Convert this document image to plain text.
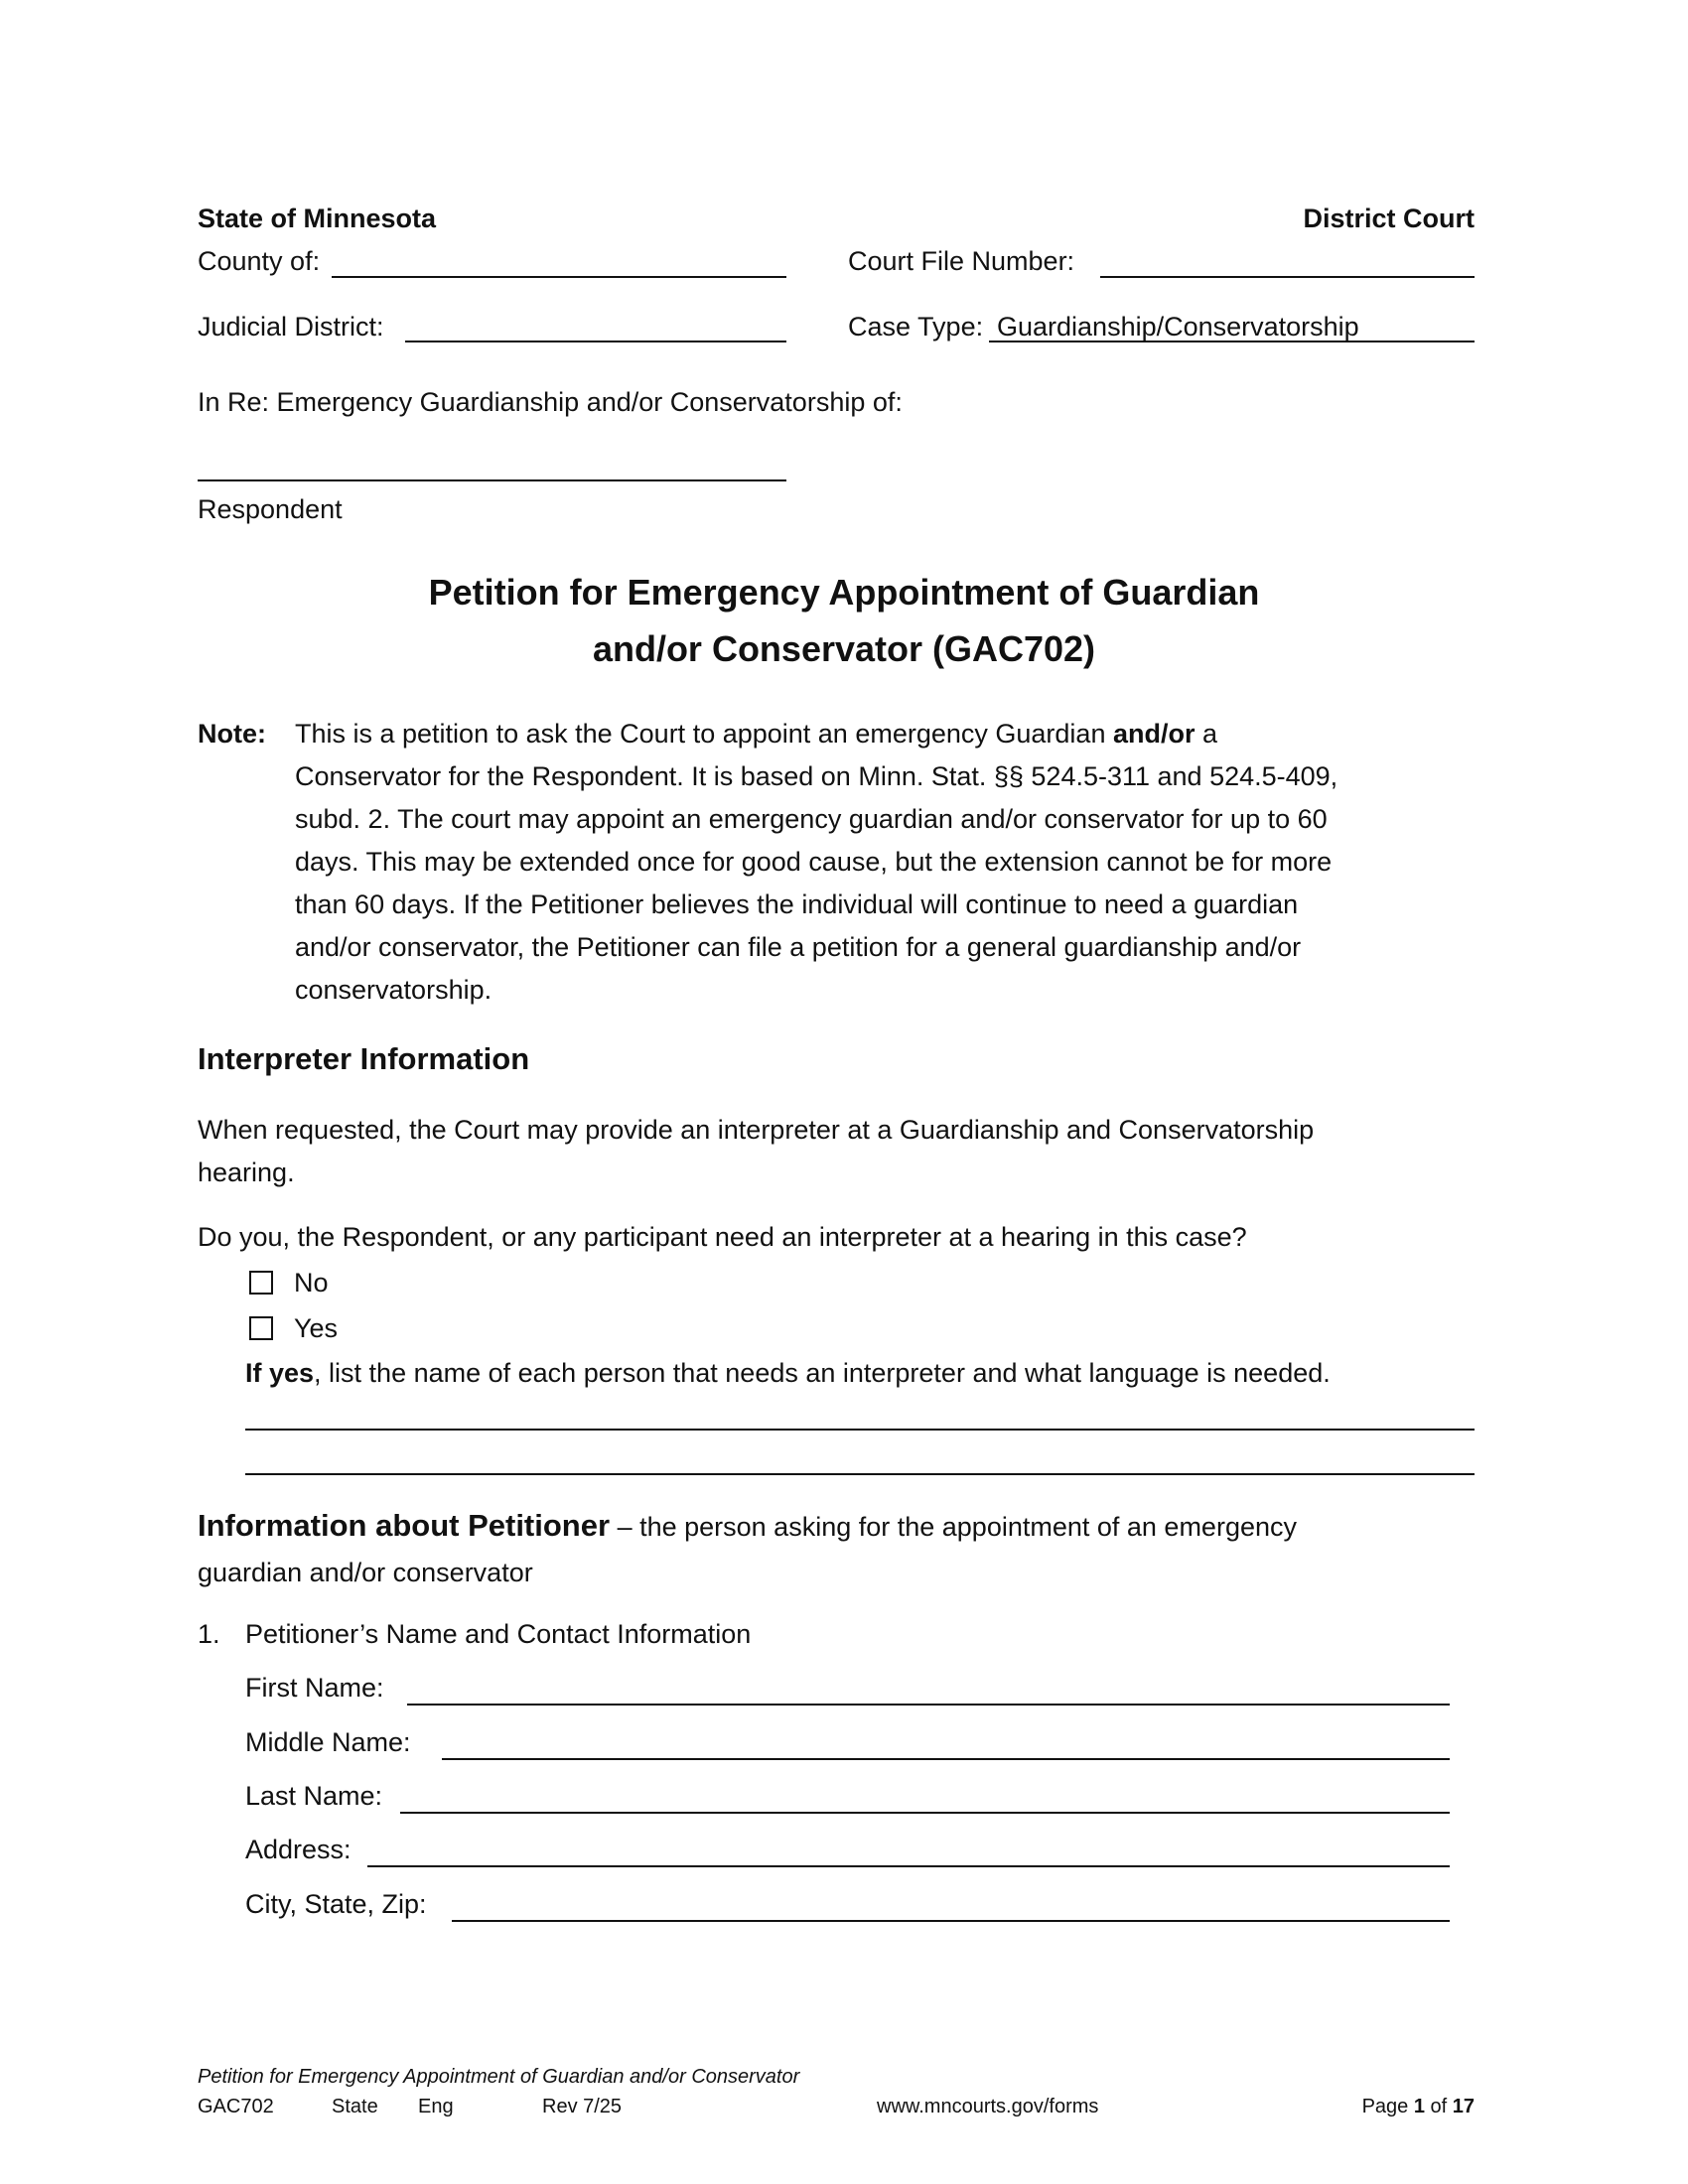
State of Minnesota	District Court
County of:	Court File Number:
Judicial District:	Case Type: Guardianship/Conservatorship
In Re: Emergency Guardianship and/or Conservatorship of:
Respondent
Petition for Emergency Appointment of Guardian
and/or Conservator (GAC702)
Note: This is a petition to ask the Court to appoint an emergency Guardian and/or a
Conservator for the Respondent. It is based on Minn. Stat. §§ 524.5-311 and 524.5-409,
subd. 2. The court may appoint an emergency guardian and/or conservator for up to 60
days. This may be extended once for good cause, but the extension cannot be for more
than 60 days. If the Petitioner believes the individual will continue to need a guardian
and/or conservator, the Petitioner can file a petition for a general guardianship and/or
conservatorship.
Interpreter Information
When requested, the Court may provide an interpreter at a Guardianship and Conservatorship
hearing.
Do you, the Respondent, or any participant need an interpreter at a hearing in this case?
No
Yes
If yes, list the name of each person that needs an interpreter and what language is needed.
Information about Petitioner – the person asking for the appointment of an emergency
guardian and/or conservator
1. Petitioner’s Name and Contact Information
First Name:
Middle Name:
Last Name:
Address:
City, State, Zip:
Petition for Emergency Appointment of Guardian and/or Conservator
GAC702	State Eng	Rev 7/25	www.mncourts.gov/forms	Page 1 of 17
